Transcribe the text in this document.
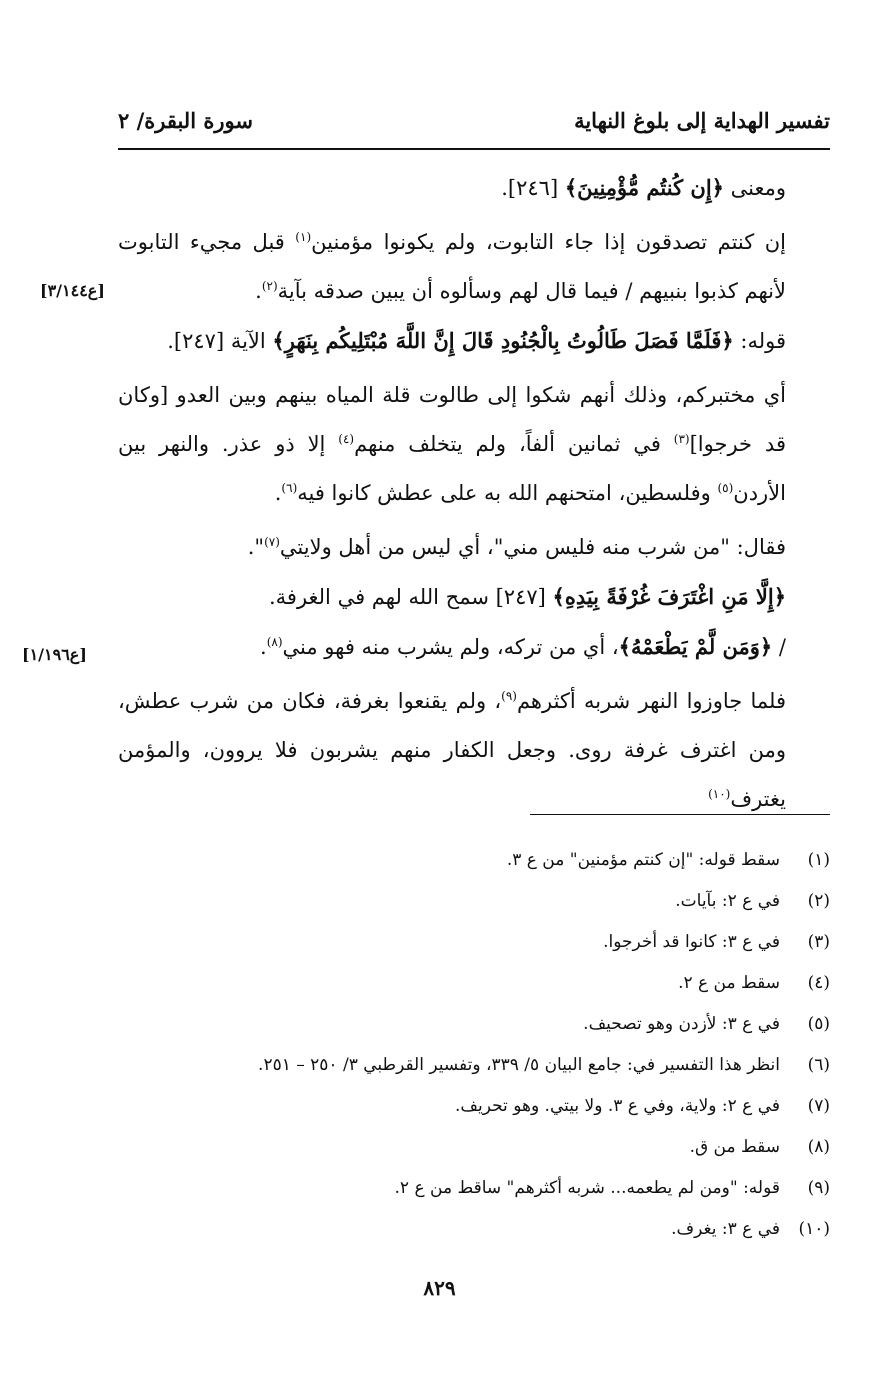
تفسير الهداية إلى بلوغ النهاية
سورة البقرة/ ٢
[ع٣/١٤٤]
[ع١/١٩٦]

ومعنى ﴿إِن كُنتُم مُّؤْمِنِينَ﴾ [٢٤٦].

إن كنتم تصدقون إذا جاء التابوت، ولم يكونوا مؤمنين$^{(١)}$ قبل مجيء التابوت لأنهم كذبوا بنبيهم / فيما قال لهم وسألوه أن يبين صدقه بآية$^{(٢)}$.

قوله: ﴿فَلَمَّا فَصَلَ طَالُوتُ بِالْجُنُودِ قَالَ إِنَّ اللَّهَ مُبْتَلِيكُم بِنَهَرٍ﴾ الآية [٢٤٧].

أي مختبركم، وذلك أنهم شكوا إلى طالوت قلة المياه بينهم وبين العدو [وكان قد خرجوا]$^{(٣)}$ في ثمانين ألفاً، ولم يتخلف منهم$^{(٤)}$ إلا ذو عذر. والنهر بين الأردن$^{(٥)}$ وفلسطين، امتحنهم الله به على عطش كانوا فيه$^{(٦)}$.

فقال: "من شرب منه فليس مني"، أي ليس من أهل ولايتي$^{(٧)}$".

﴿إِلَّا مَنِ اغْتَرَفَ غُرْفَةً بِيَدِهِ﴾ [٢٤٧] سمح الله لهم في الغرفة.

/ ﴿وَمَن لَّمْ يَطْعَمْهُ﴾، أي من تركه، ولم يشرب منه فهو مني$^{(٨)}$.

فلما جاوزوا النهر شربه أكثرهم$^{(٩)}$، ولم يقنعوا بغرفة، فكان من شرب عطش، ومن اغترف غرفة روى. وجعل الكفار منهم يشربون فلا يروون، والمؤمن يغترف$^{(١٠)}$

(١)سقط قوله: "إن كنتم مؤمنين" من ع ٣.
(٢)في ع ٢: بآيات.
(٣)في ع ٣: كانوا قد أخرجوا.
(٤)سقط من ع ٢.
(٥)في ع ٣: لأزدن وهو تصحيف.
(٦)انظر هذا التفسير في: جامع البيان ٥/ ٣٣٩، وتفسير القرطبي ٣/ ٢٥٠ – ٢٥١.
(٧)في ع ٢: ولاية، وفي ع ٣. ولا بيتي. وهو تحريف.
(٨)سقط من ق.
(٩)قوله: "ومن لم يطعمه... شربه أكثرهم" ساقط من ع ٢.
(١٠)في ع ٣: يغرف.
٨٢٩
